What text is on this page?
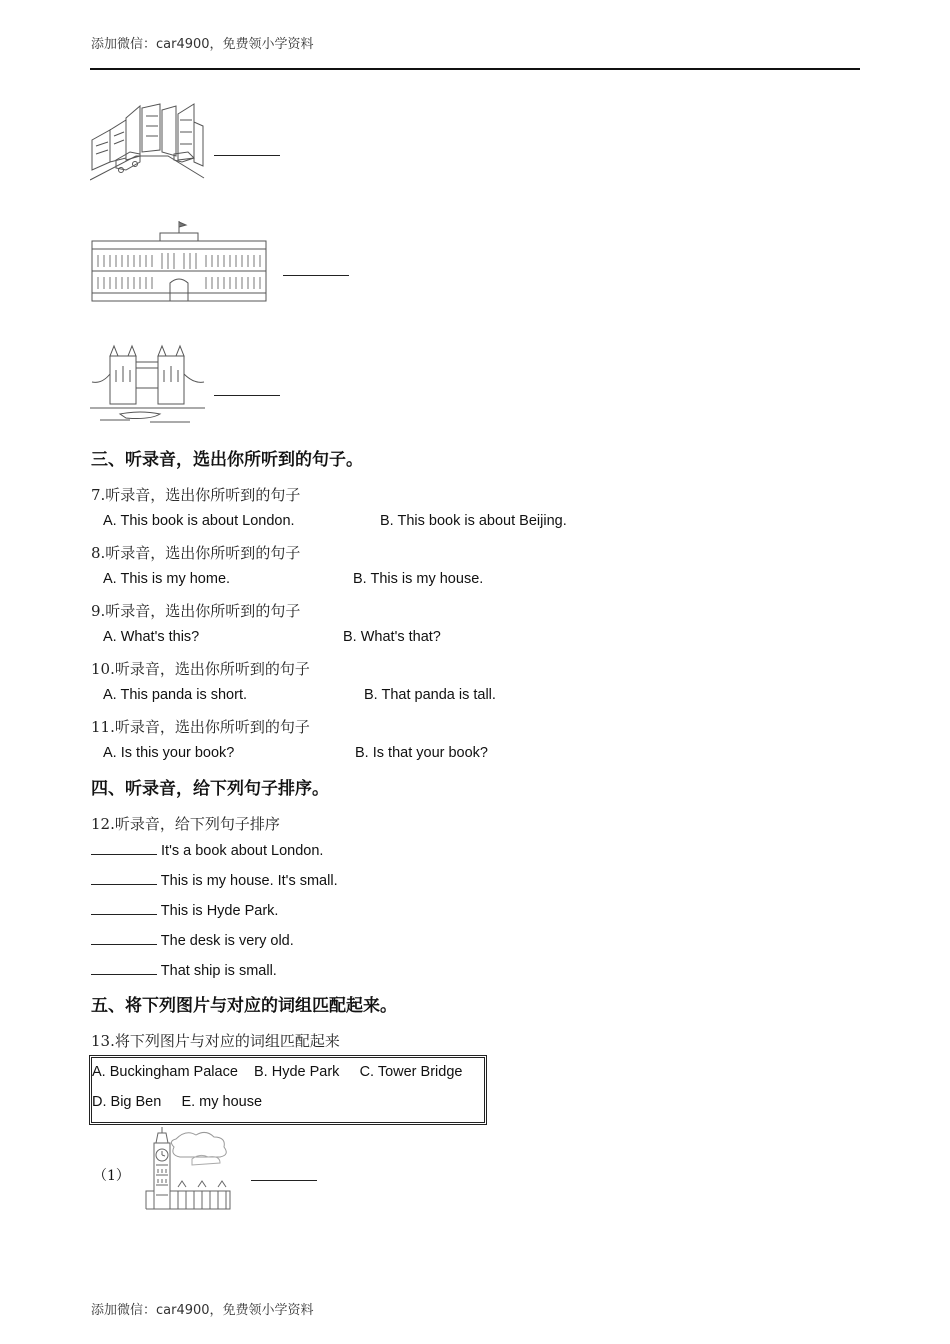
添加微信：car4900，免费领小学资料
三、听录音，选出你所听到的句子。
7.听录音，选出你所听到的句子
A. This book is about London.	B. This book is about Beijing.
8.听录音，选出你所听到的句子
A. This is my home.	B. This is my house.
9.听录音，选出你所听到的句子
A. What's this?	B. What's that?
10.听录音，选出你所听到的句子
A. This panda is short.	B. That panda is tall.
11.听录音，选出你所听到的句子
A. Is this your book?	B. Is that your book?
四、听录音，给下列句子排序。
12.听录音，给下列句子排序
It's a book about London.
This is my house. It's small.
This is Hyde Park.
The desk is very old.
That ship is small.
五、将下列图片与对应的词组匹配起来。
13.将下列图片与对应的词组匹配起来
A. Buckingham Palace    B. Hyde Park     C. Tower Bridge
D. Big Ben     E. my house
（1）
添加微信：car4900，免费领小学资料
